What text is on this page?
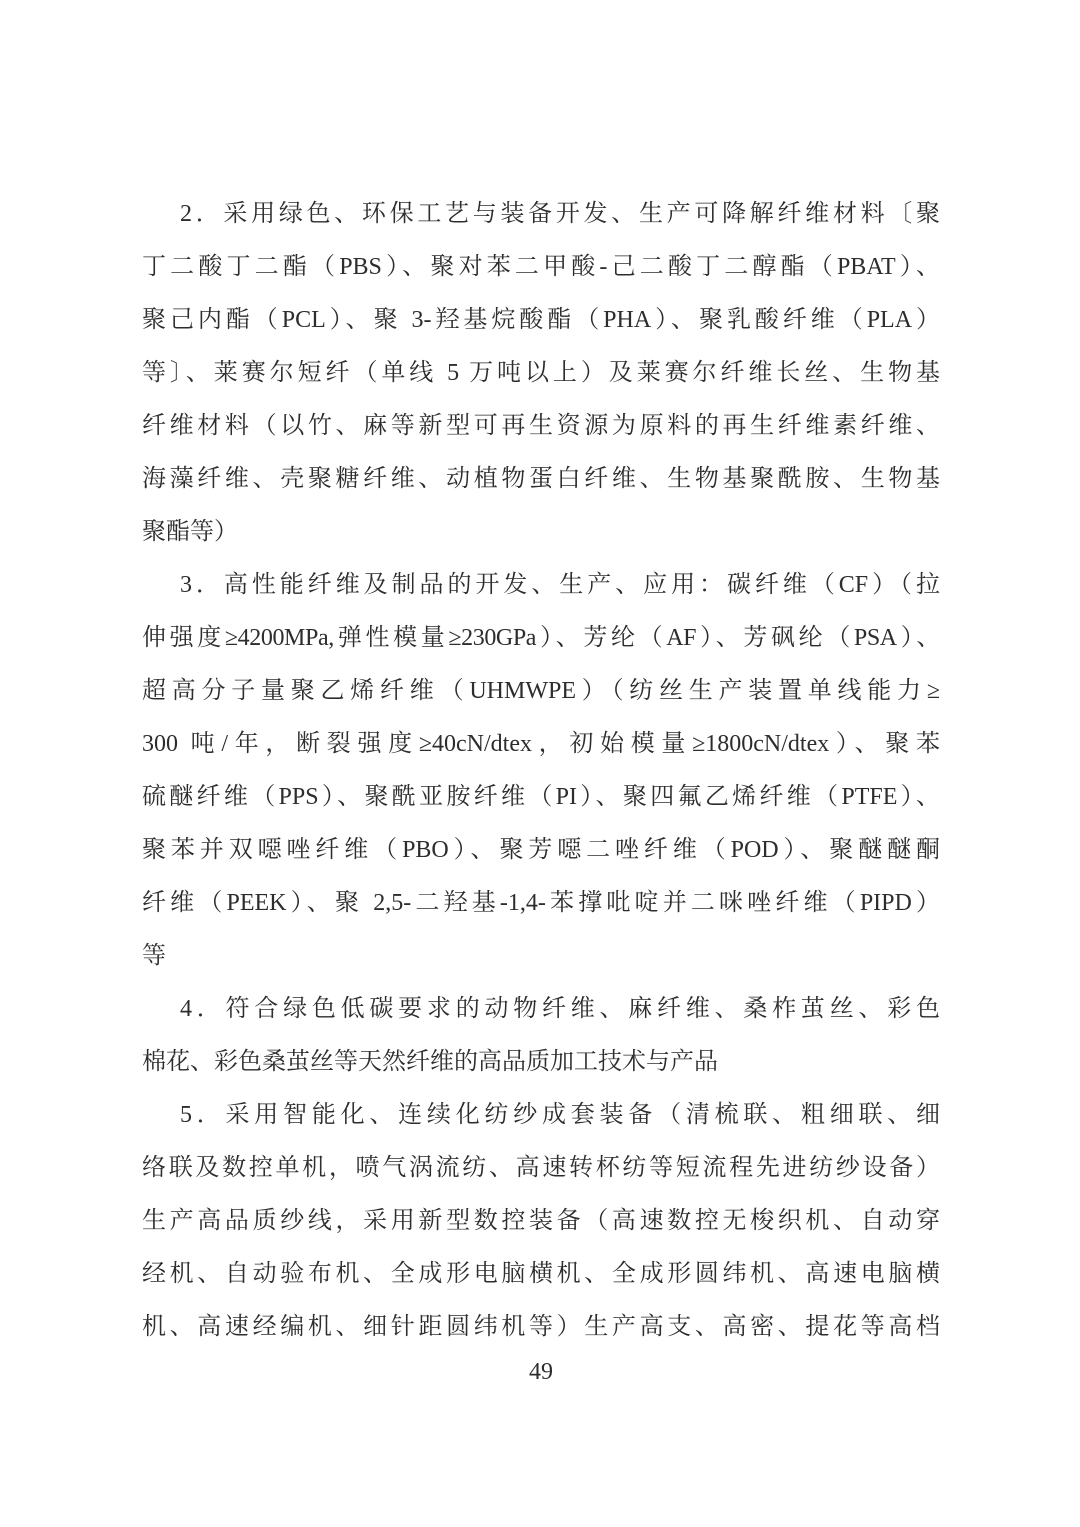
2．采用绿色、环保工艺与装备开发、生产可降解纤维材料〔聚
丁二酸丁二酯（PBS）、聚对苯二甲酸-己二酸丁二醇酯（PBAT）、
聚己内酯（PCL）、聚 3-羟基烷酸酯（PHA）、聚乳酸纤维（PLA）
等〕、莱赛尔短纤（单线 5 万吨以上）及莱赛尔纤维长丝、生物基
纤维材料（以竹、麻等新型可再生资源为原料的再生纤维素纤维、
海藻纤维、壳聚糖纤维、动植物蛋白纤维、生物基聚酰胺、生物基
聚酯等）
3．高性能纤维及制品的开发、生产、应用：碳纤维（CF）（拉
伸强度≥4200MPa,弹性模量≥230GPa）、芳纶（AF）、芳砜纶（PSA）、
超高分子量聚乙烯纤维（UHMWPE）（纺丝生产装置单线能力≥
300 吨/年，断裂强度≥40cN/dtex，初始模量≥1800cN/dtex）、聚苯
硫醚纤维（PPS）、聚酰亚胺纤维（PI）、聚四氟乙烯纤维（PTFE）、
聚苯并双噁唑纤维（PBO）、聚芳噁二唑纤维（POD）、聚醚醚酮
纤维（PEEK）、聚 2,5-二羟基-1,4-苯撑吡啶并二咪唑纤维（PIPD）
等
4．符合绿色低碳要求的动物纤维、麻纤维、桑柞茧丝、彩色
棉花、彩色桑茧丝等天然纤维的高品质加工技术与产品
5．采用智能化、连续化纺纱成套装备（清梳联、粗细联、细
络联及数控单机，喷气涡流纺、高速转杯纺等短流程先进纺纱设备）
生产高品质纱线，采用新型数控装备（高速数控无梭织机、自动穿
经机、自动验布机、全成形电脑横机、全成形圆纬机、高速电脑横
机、高速经编机、细针距圆纬机等）生产高支、高密、提花等高档
49
